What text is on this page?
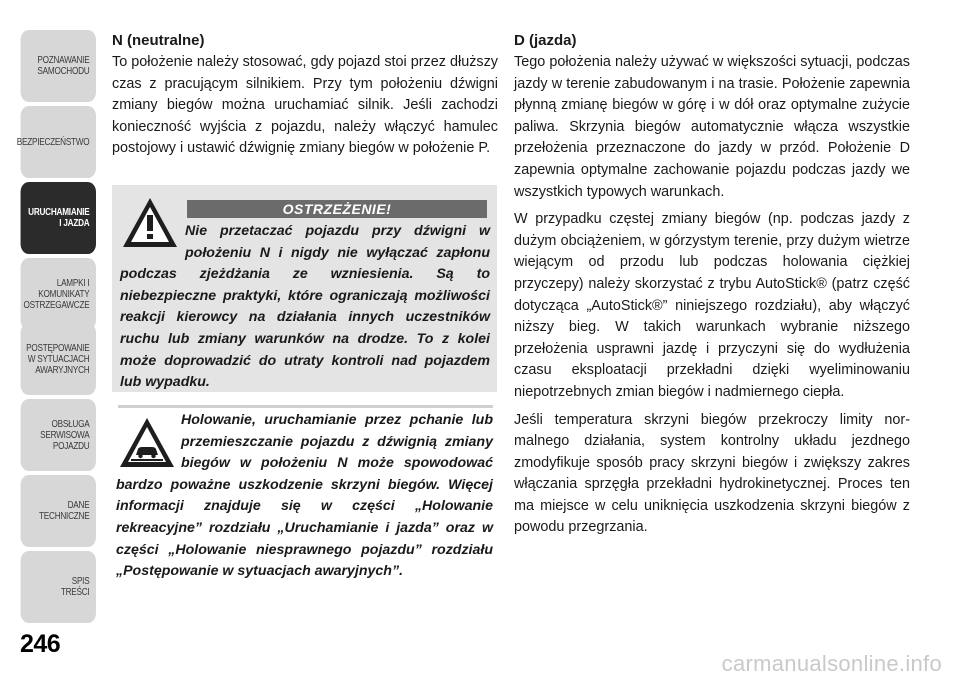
POZNAWANIE
SAMOCHODU
BEZPIECZEŃSTWO
URUCHAMIANIE
I JAZDA
LAMPKI I
KOMUNIKATY
OSTRZEGAWCZE
POSTĘPOWANIE
W SYTUACJACH
AWARYJNYCH
OBSŁUGA
SERWISOWA
POJAZDU
DANE
TECHNICZNE
SPIS
TREŚCI
246
N (neutralne)

To położenie należy stosować, gdy pojazd stoi przez dłuższy czas z pracującym silnikiem. Przy tym położeniu dźwigni zmiany biegów można uruchamiać silnik. Jeśli zachodzi konieczność wyjścia z pojazdu, należy włączyć hamulec postojowy i ustawić dźwignię zmiany biegów w położenie P.

OSTRZEŻENIE!

Nie przetaczać pojazdu przy dźwigni w położeniu N i nigdy nie wyłączać zapłonu podczas zjeżdżania ze wzniesienia. Są to niebezpieczne praktyki, które ograniczają możliwości reakcji kierowcy na działania innych uczestników ruchu lub zmiany warunków na drodze. To z kolei może doprowadzić do utraty kontroli nad pojazdem lub wypadku.

Holowanie, uruchamianie przez pchanie lub przemieszczanie pojazdu z dźwignią zmiany biegów w położeniu N może spowodować bardzo poważne uszkodzenie skrzyni biegów. Więcej informacji znajduje się w części „Holowanie rekreacyjne” rozdziału „Uruchamianie i jazda” oraz w części „Holowanie niesprawnego pojazdu” rozdziału „Postępowanie w sytuacjach awaryjnych”.

D (jazda)

Tego położenia należy używać w większości sytuacji, podczas jazdy w terenie zabudowanym i na trasie. Położenie zapewnia płynną zmianę biegów w górę i w dół oraz optymalne zużycie paliwa. Skrzynia biegów automatycznie włącza wszystkie przełożenia przeznaczone do jazdy w przód. Położenie D zapewnia optymalne zachowanie pojazdu podczas jazdy we wszystkich typowych warunkach.

W przypadku częstej zmiany biegów (np. podczas jazdy z dużym obciążeniem, w górzystym terenie, przy dużym wietrze wiejącym od przodu lub podczas holowania ciężkiej przyczepy) należy skorzystać z trybu AutoStick® (patrz część dotycząca „AutoStick®” niniejszego rozdziału), aby włączyć niższy bieg. W takich warunkach wybranie niższego przełożenia usprawni jazdę i przyczyni się do wydłużenia czasu eksploatacji przekładni dzięki wyeliminowaniu niepotrzebnych zmian biegów i nadmiernego ciepła.

Jeśli temperatura skrzyni biegów przekroczy limity normalnego działania, system kontrolny układu jezdnego zmodyfikuje sposób pracy skrzyni biegów i zwiększy zakres włączania sprzęgła przekładni hydrokinetycznej. Proces ten ma miejsce w celu uniknięcia uszkodzenia skrzyni biegów z powodu przegrzania.

carmanualsonline.info
